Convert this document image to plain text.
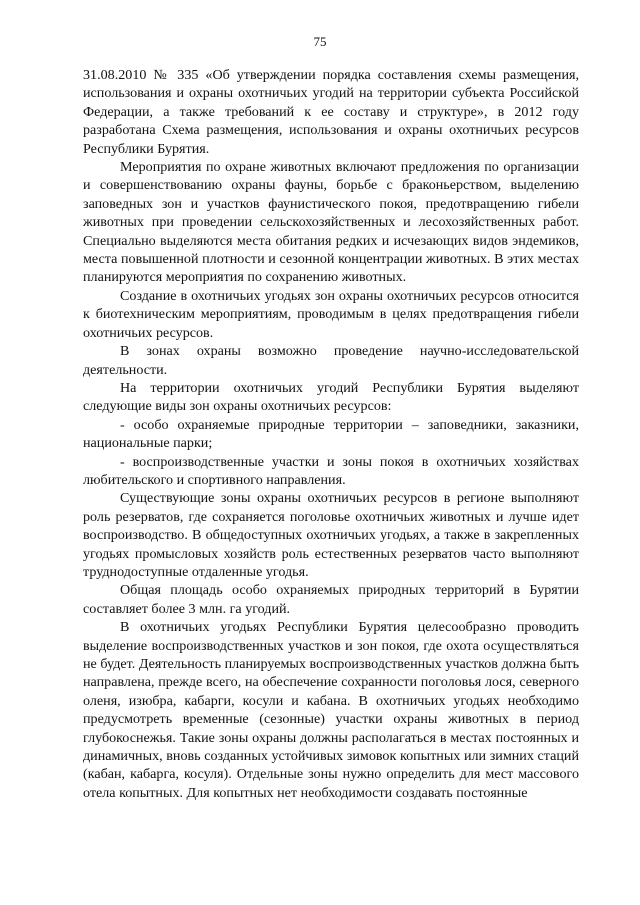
75

31.08.2010 № 335 «Об утверждении порядка составления схемы размещения, использования и охраны охотничьих угодий на территории субъекта Российской Федерации, а также требований к ее составу и структуре», в 2012 году разработана Схема размещения, использования и охраны охотничьих ресурсов Республики Бурятия.

Мероприятия по охране животных включают предложения по организации и совершенствованию охраны фауны, борьбе с браконьерством, выделению заповедных зон и участков фаунистического покоя, предотвращению гибели животных при проведении сельскохозяйственных и лесохозяйственных работ. Специально выделяются места обитания редких и исчезающих видов эндемиков, места повышенной плотности и сезонной концентрации животных. В этих местах планируются мероприятия по сохранению животных.

Создание в охотничьих угодьях зон охраны охотничьих ресурсов относится к биотехническим мероприятиям, проводимым в целях предотвращения гибели охотничьих ресурсов.

В зонах охраны возможно проведение научно-исследовательской деятельности.

На территории охотничьих угодий Республики Бурятия выделяют следующие виды зон охраны охотничьих ресурсов:

- особо охраняемые природные территории – заповедники, заказники, национальные парки;

- воспроизводственные участки и зоны покоя в охотничьих хозяйствах любительского и спортивного направления.

Существующие зоны охраны охотничьих ресурсов в регионе выполняют роль резерватов, где сохраняется поголовье охотничьих животных и лучше идет воспроизводство. В общедоступных охотничьих угодьях, а также в закрепленных угодьях промысловых хозяйств роль естественных резерватов часто выполняют труднодоступные отдаленные угодья.

Общая площадь особо охраняемых природных территорий в Бурятии составляет более 3 млн. га угодий.

В охотничьих угодьях Республики Бурятия целесообразно проводить выделение воспроизводственных участков и зон покоя, где охота осуществляться не будет. Деятельность планируемых воспроизводственных участков должна быть направлена, прежде всего, на обеспечение сохранности поголовья лося, северного оленя, изюбра, кабарги, косули и кабана. В охотничьих угодьях необходимо предусмотреть временные (сезонные) участки охраны животных в период глубокоснежья. Такие зоны охраны должны располагаться в местах постоянных и динамичных, вновь созданных устойчивых зимовок копытных или зимних стаций (кабан, кабарга, косуля). Отдельные зоны нужно определить для мест массового отела копытных. Для копытных нет необходимости создавать постоянные
